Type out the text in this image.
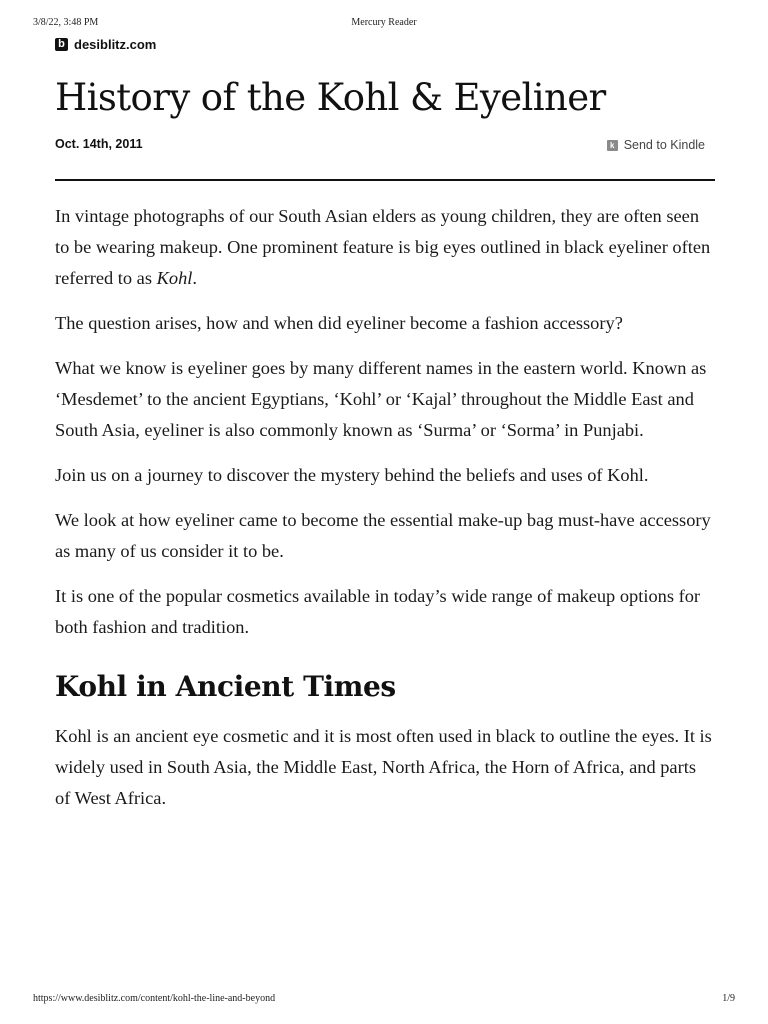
3/8/22, 3:48 PM	Mercury Reader
b desiblitz.com
History of the Kohl & Eyeliner
Oct. 14th, 2011	k Send to Kindle

In vintage photographs of our South Asian elders as young children, they are often seen to be wearing makeup. One prominent feature is big eyes outlined in black eyeliner often referred to as Kohl.

The question arises, how and when did eyeliner become a fashion accessory?

What we know is eyeliner goes by many different names in the eastern world. Known as ‘Mesdemet’ to the ancient Egyptians, ‘Kohl’ or ‘Kajal’ throughout the Middle East and South Asia, eyeliner is also commonly known as ‘Surma’ or ‘Sorma’ in Punjabi.

Join us on a journey to discover the mystery behind the beliefs and uses of Kohl.

We look at how eyeliner came to become the essential make-up bag must-have accessory as many of us consider it to be.

It is one of the popular cosmetics available in today’s wide range of makeup options for both fashion and tradition.

Kohl in Ancient Times

Kohl is an ancient eye cosmetic and it is most often used in black to outline the eyes. It is widely used in South Asia, the Middle East, North Africa, the Horn of Africa, and parts of West Africa.

https://www.desiblitz.com/content/kohl-the-line-and-beyond	1/9
